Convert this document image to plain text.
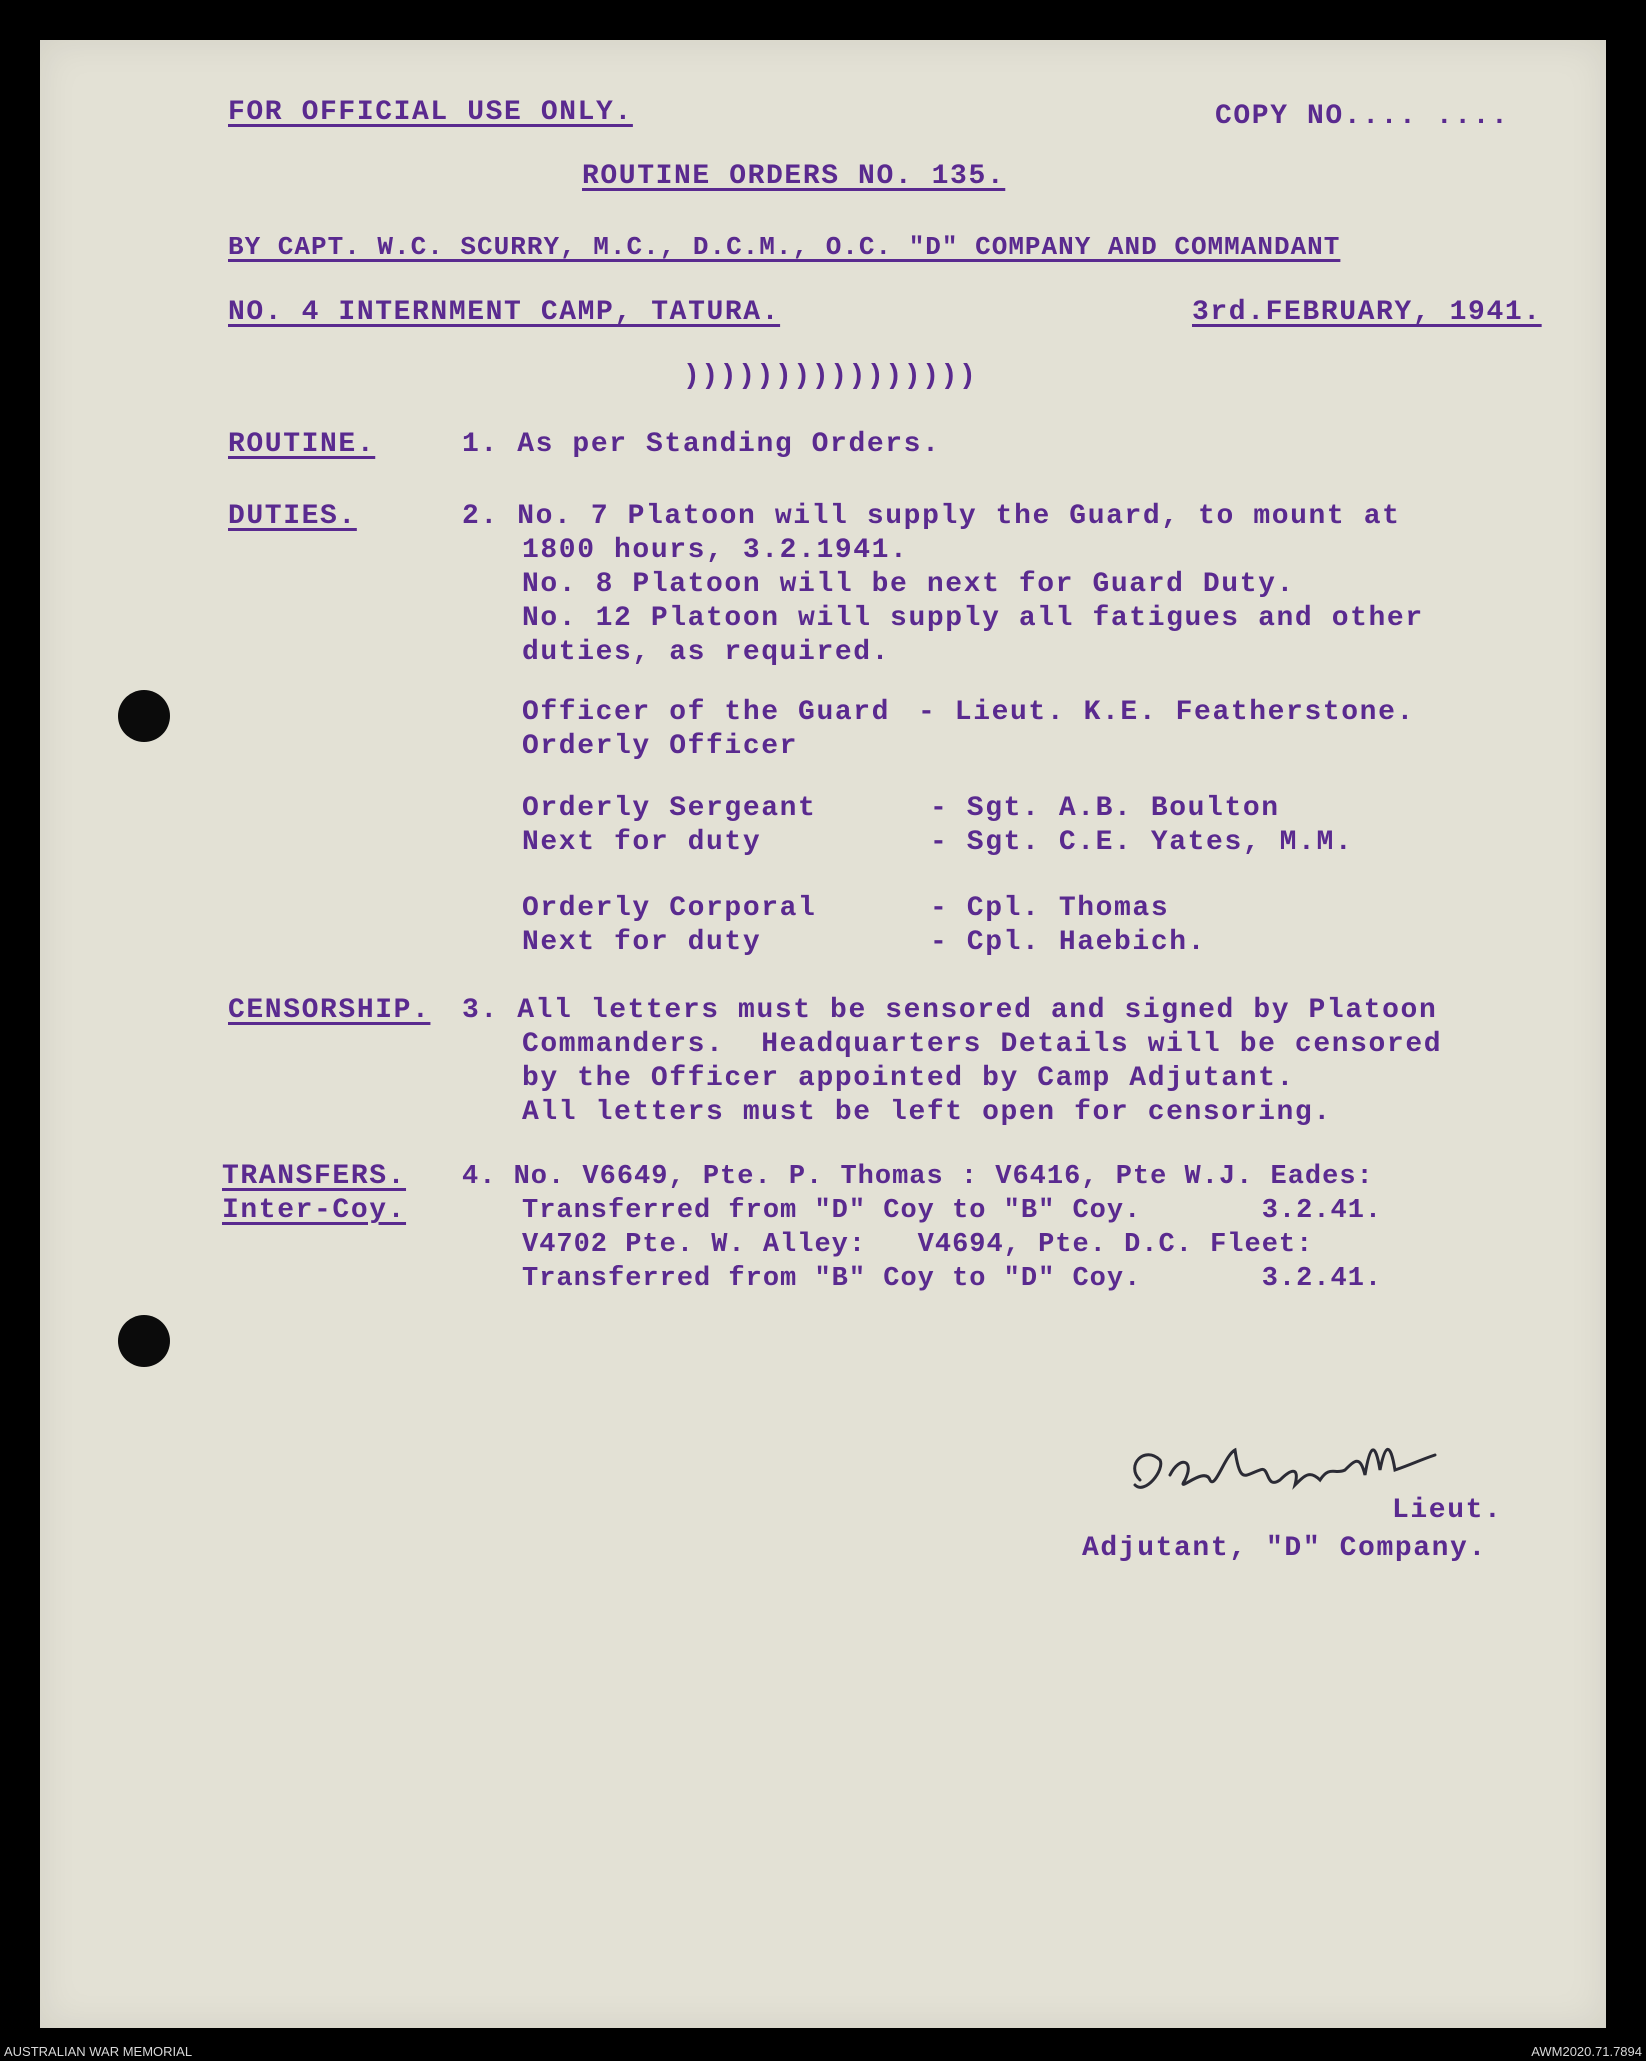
FOR OFFICIAL USE ONLY.	COPY NO.... ....
ROUTINE ORDERS NO. 135.
BY CAPT. W.C. SCURRY, M.C., D.C.M., O.C. "D" COMPANY AND COMMANDANT
NO. 4 INTERNMENT CAMP, TATURA.	3rd.FEBRUARY, 1941.
))))))))))))))))
ROUTINE.	1. As per Standing Orders.
DUTIES.	2. No. 7 Platoon will supply the Guard, to mount at
1800 hours, 3.2.1941.
No. 8 Platoon will be next for Guard Duty.
No. 12 Platoon will supply all fatigues and other
duties, as required.
Officer of the Guard - Lieut. K.E. Featherstone.
Orderly Officer
Orderly Sergeant	- Sgt. A.B. Boulton
Next for duty	- Sgt. C.E. Yates, M.M.
Orderly Corporal	- Cpl. Thomas
Next for duty	- Cpl. Haebich.
CENSORSHIP. 3. All letters must be sensored and signed by Platoon
Commanders.  Headquarters Details will be censored
by the Officer appointed by Camp Adjutant.
All letters must be left open for censoring.
TRANSFERS.
Inter-Coy.
4. No. V6649, Pte. P. Thomas : V6416, Pte W.J. Eades:
Transferred from "D" Coy to "B" Coy.       3.2.41.
V4702 Pte. W. Alley:   V4694, Pte. D.C. Fleet:
Transferred from "B" Coy to "D" Coy.       3.2.41.
Lieut.
Adjutant, "D" Company.
AUSTRALIAN WAR MEMORIAL	AWM2020.71.7894
